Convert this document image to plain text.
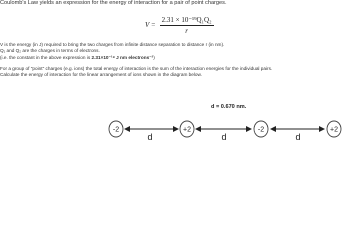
Coulomb's Law yields an expression for the energy of interaction for a pair of point charges.
$V = \frac{\text{2.31 × 10⁻¹⁹Q₁Q₂}}{r}$
V is the energy (in J) required to bring the two charges from infinite distance separation to distance r (in nm).
Q₁ and Q₂ are the charges in terms of electrons.
(i.e. the constant in the above expression is 2.31×10⁻¹⁹ J nm electrons⁻²)
For a group of "point" charges (e.g. ions) the total energy of interaction is the sum of the interaction energies for the individual pairs.
Calculate the energy of interaction for the linear arrangement of ions shown in the diagram below.
d = 0.670 nm.
-2	+2	-2	+2
d	d	d
